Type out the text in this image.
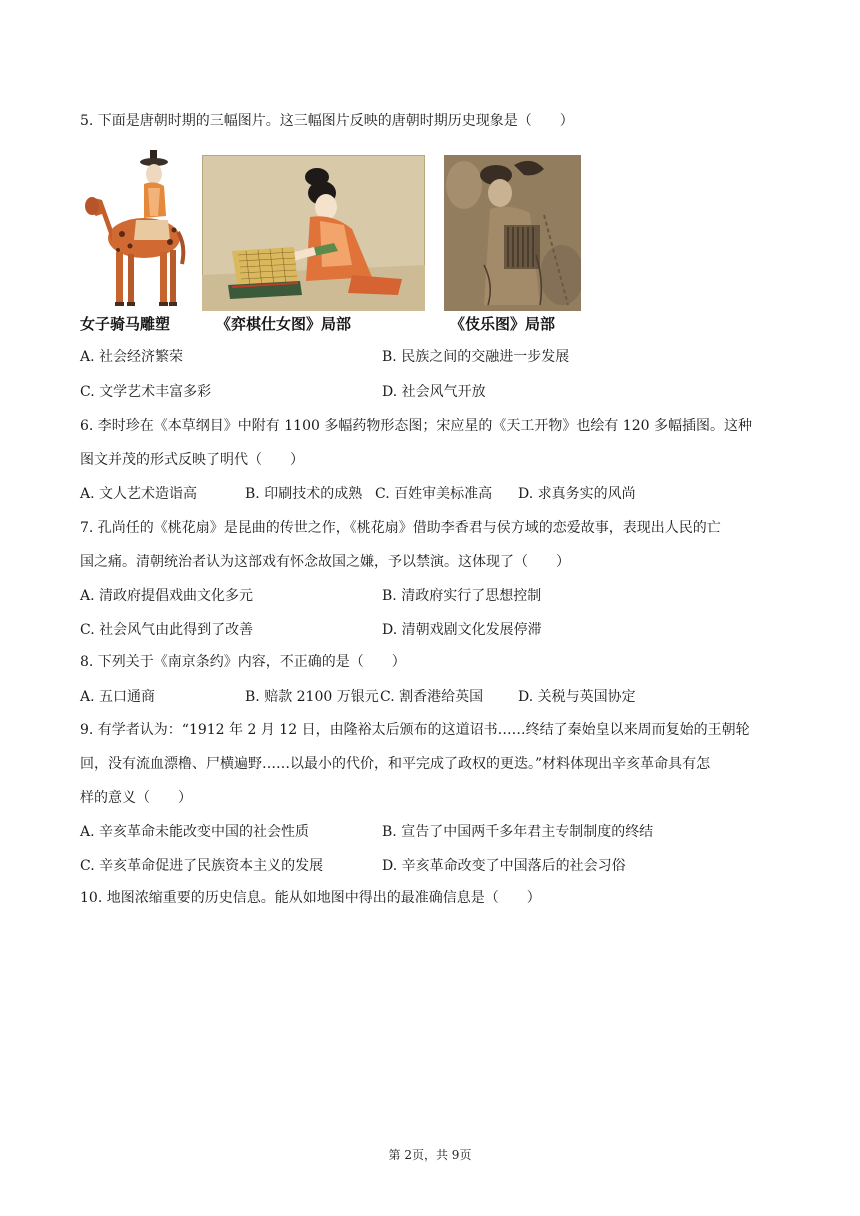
5. 下面是唐朝时期的三幅图片。这三幅图片反映的唐朝时期历史现象是（　　）
女子骑马雕塑	《弈棋仕女图》局部	《伎乐图》局部
A. 社会经济繁荣	B. 民族之间的交融进一步发展
C. 文学艺术丰富多彩	D. 社会风气开放
6. 李时珍在《本草纲目》中附有 1100 多幅药物形态图；宋应星的《天工开物》也绘有 120 多幅插图。这种
图文并茂的形式反映了明代（　　）
A. 文人艺术造诣高	B. 印刷技术的成熟 C. 百姓审美标准高 D. 求真务实的风尚
7. 孔尚任的《桃花扇》是昆曲的传世之作，《桃花扇》借助李香君与侯方域的恋爱故事，表现出人民的亡
国之痛。清朝统治者认为这部戏有怀念故国之嫌，予以禁演。这体现了（　　）
A. 清政府提倡戏曲文化多元	B. 清政府实行了思想控制
C. 社会风气由此得到了改善	D. 清朝戏剧文化发展停滞
8. 下列关于《南京条约》内容，不正确的是（　　）
A. 五口通商	B. 赔款 2100 万银元 C. 割香港给英国 D. 关税与英国协定
9. 有学者认为：“1912 年 2 月 12 日，由隆裕太后颁布的这道诏书……终结了秦始皇以来周而复始的王朝轮
回，没有流血漂橹、尸横遍野……以最小的代价，和平完成了政权的更迭。”材料体现出辛亥革命具有怎
样的意义（　　）
A. 辛亥革命未能改变中国的社会性质	B. 宣告了中国两千多年君主专制制度的终结
C. 辛亥革命促进了民族资本主义的发展	D. 辛亥革命改变了中国落后的社会习俗
10. 地图浓缩重要的历史信息。能从如地图中得出的最准确信息是（　　）
第 2页，共 9页
